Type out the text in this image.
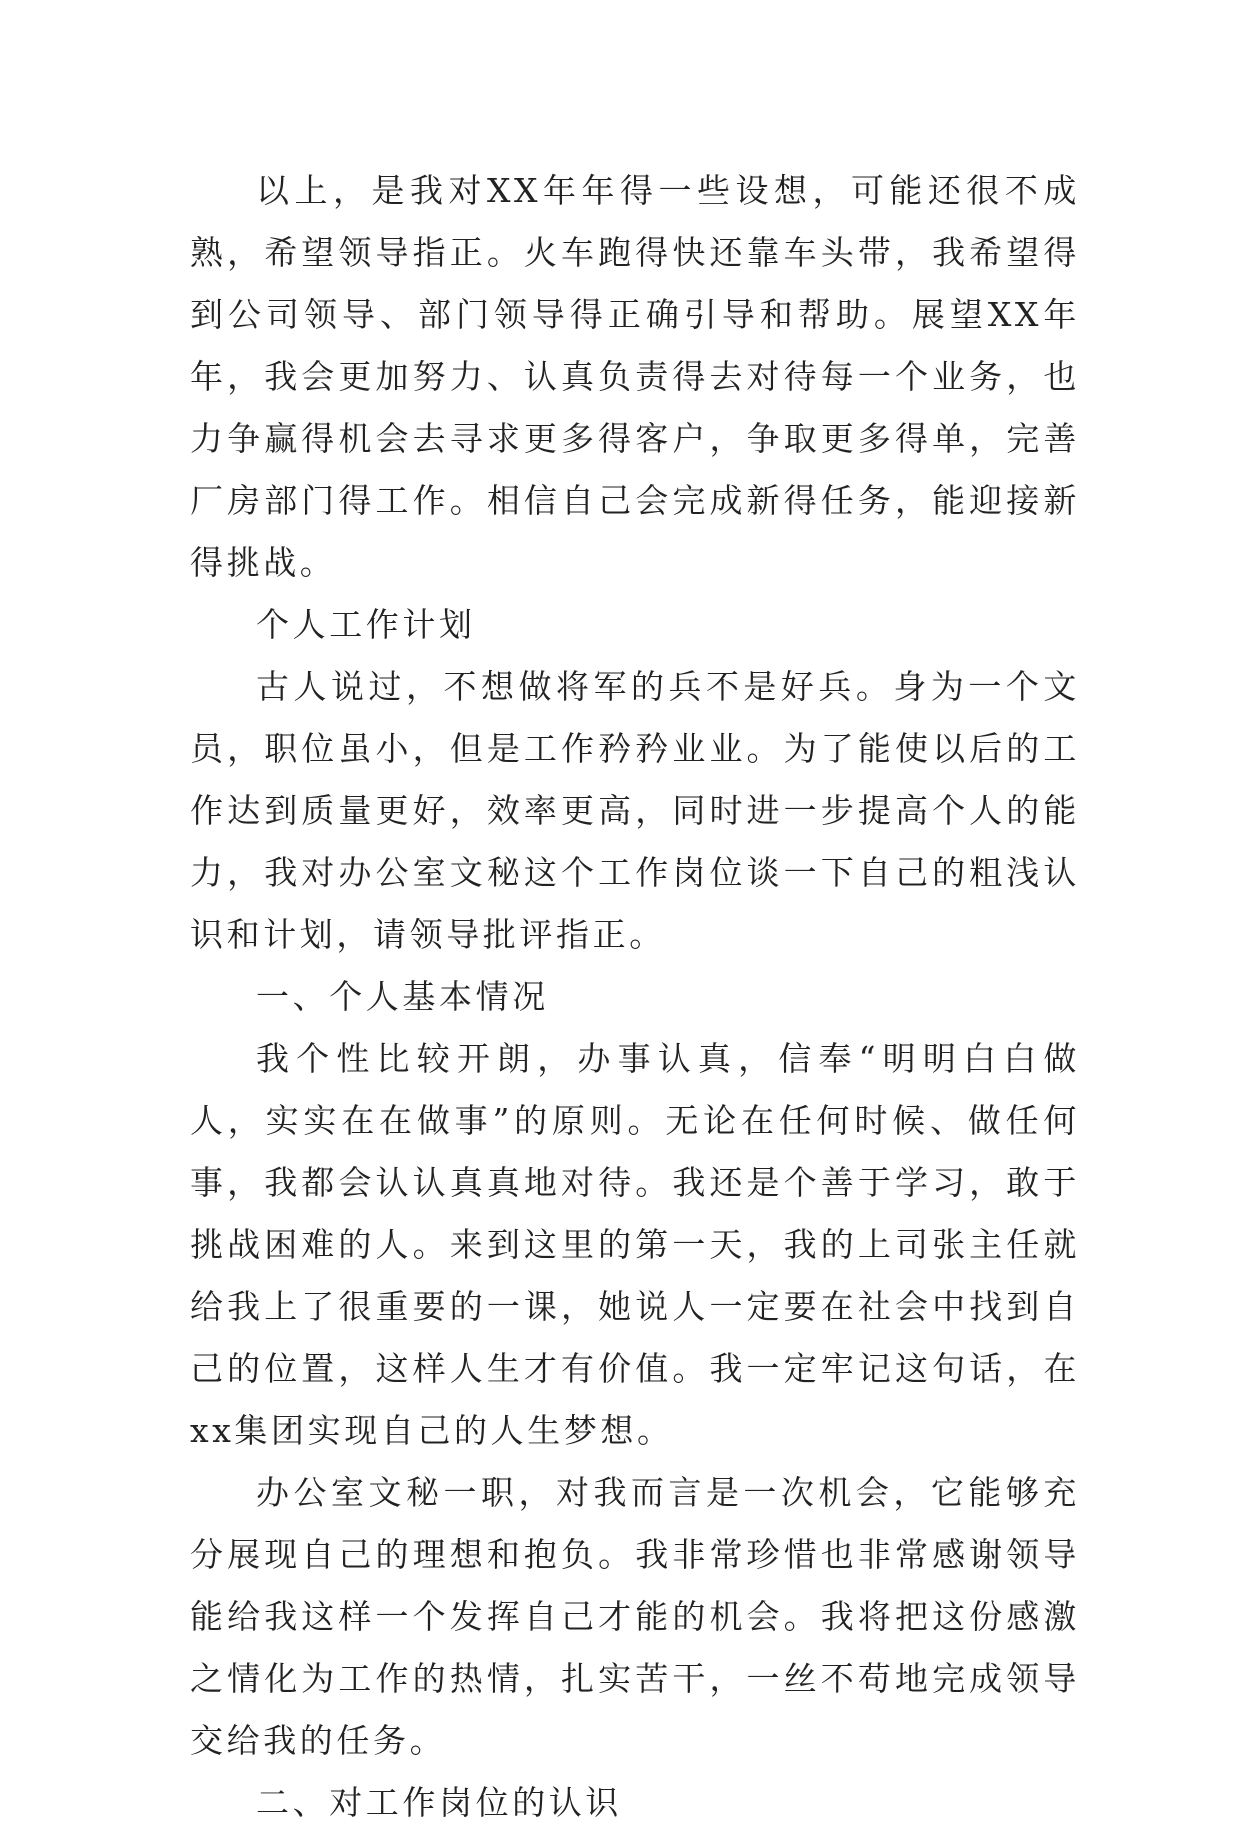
以上，是我对XX年年得一些设想，可能还很不成熟，希望领导指正。火车跑得快还靠车头带，我希望得到公司领导、部门领导得正确引导和帮助。展望XX年年，我会更加努力、认真负责得去对待每一个业务，也力争赢得机会去寻求更多得客户，争取更多得单，完善厂房部门得工作。相信自己会完成新得任务，能迎接新得挑战。

个人工作计划

古人说过，不想做将军的兵不是好兵。身为一个文员，职位虽小，但是工作矜矜业业。为了能使以后的工作达到质量更好，效率更高，同时进一步提高个人的能力，我对办公室文秘这个工作岗位谈一下自己的粗浅认识和计划，请领导批评指正。

一、个人基本情况

我个性比较开朗，办事认真，信奉“明明白白做人，实实在在做事”的原则。无论在任何时候、做任何事，我都会认认真真地对待。我还是个善于学习，敢于挑战困难的人。来到这里的第一天，我的上司张主任就给我上了很重要的一课，她说人一定要在社会中找到自己的位置，这样人生才有价值。我一定牢记这句话，在xx集团实现自己的人生梦想。

办公室文秘一职，对我而言是一次机会，它能够充分展现自己的理想和抱负。我非常珍惜也非常感谢领导能给我这样一个发挥自己才能的机会。我将把这份感激之情化为工作的热情，扎实苦干，一丝不苟地完成领导交给我的任务。

二、对工作岗位的认识
